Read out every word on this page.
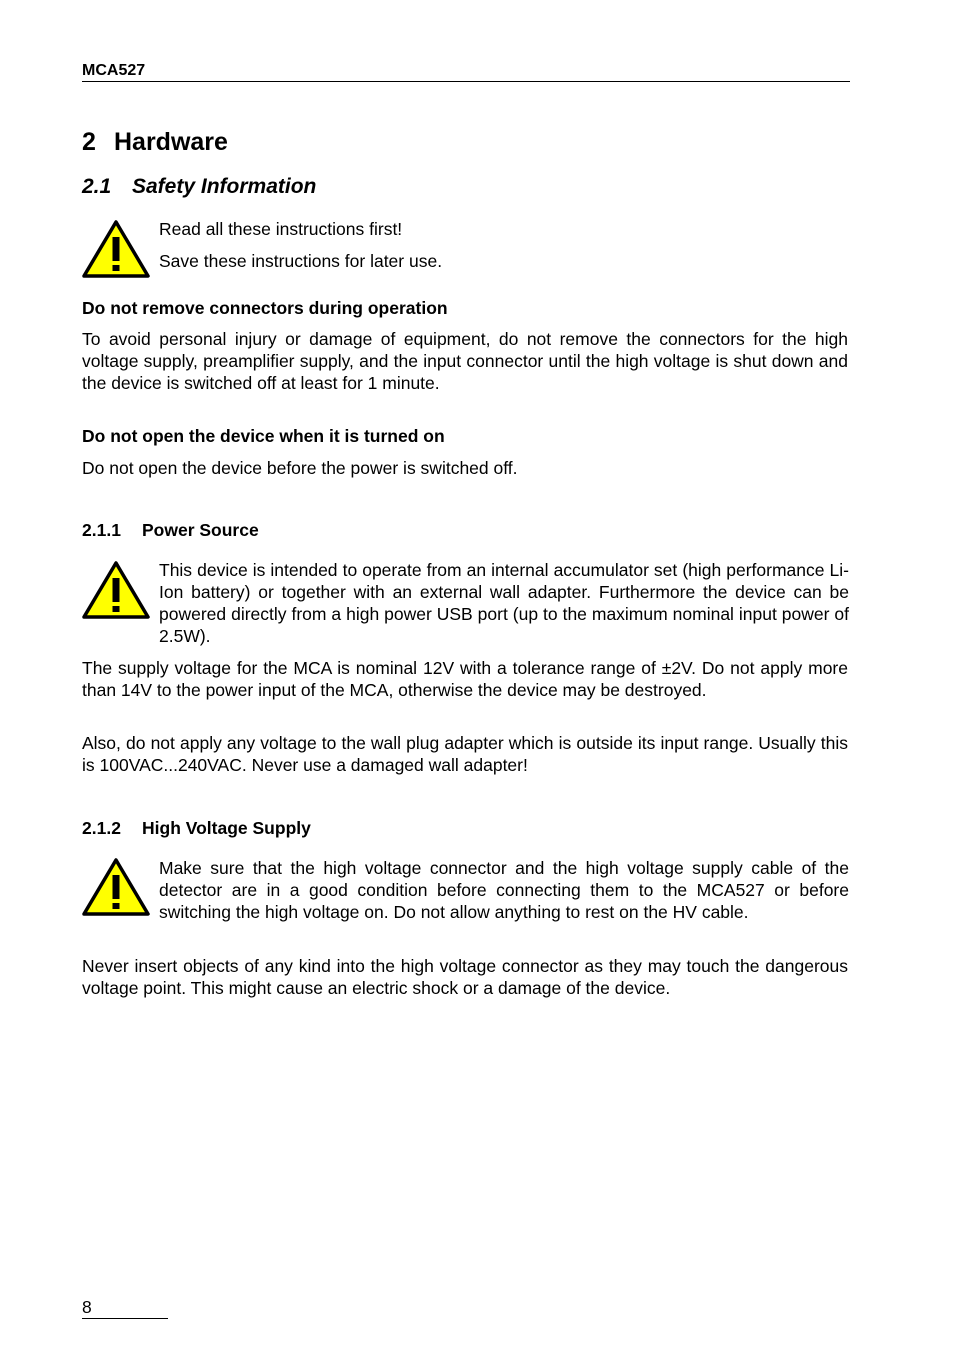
MCA527
2 Hardware
2.1 Safety Information
Read all these instructions first!
Save these instructions for later use.
Do not remove connectors during operation
To avoid personal injury or damage of equipment, do not remove the connectors for the high voltage supply, preamplifier supply, and the input connector until the high voltage is shut down and the device is switched off at least for 1 minute.
Do not open the device when it is turned on
Do not open the device before the power is switched off.
2.1.1 Power Source
This device is intended to operate from an internal accumulator set (high performance Li-Ion battery) or together with an external wall adapter. Furthermore the device can be powered directly from a high power USB port (up to the maximum nominal input power of 2.5W).
The supply voltage for the MCA is nominal 12V with a tolerance range of ±2V. Do not apply more than 14V to the power input of the MCA, otherwise the device may be destroyed.
Also, do not apply any voltage to the wall plug adapter which is outside its input range. Usually this is 100VAC...240VAC. Never use a damaged wall adapter!
2.1.2 High Voltage Supply
Make sure that the high voltage connector and the high voltage supply cable of the detector are in a good condition before connecting them to the MCA527 or before switching the high voltage on. Do not allow anything to rest on the HV cable.
Never insert objects of any kind into the high voltage connector as they may touch the dangerous voltage point. This might cause an electric shock or a damage of the device.
8
